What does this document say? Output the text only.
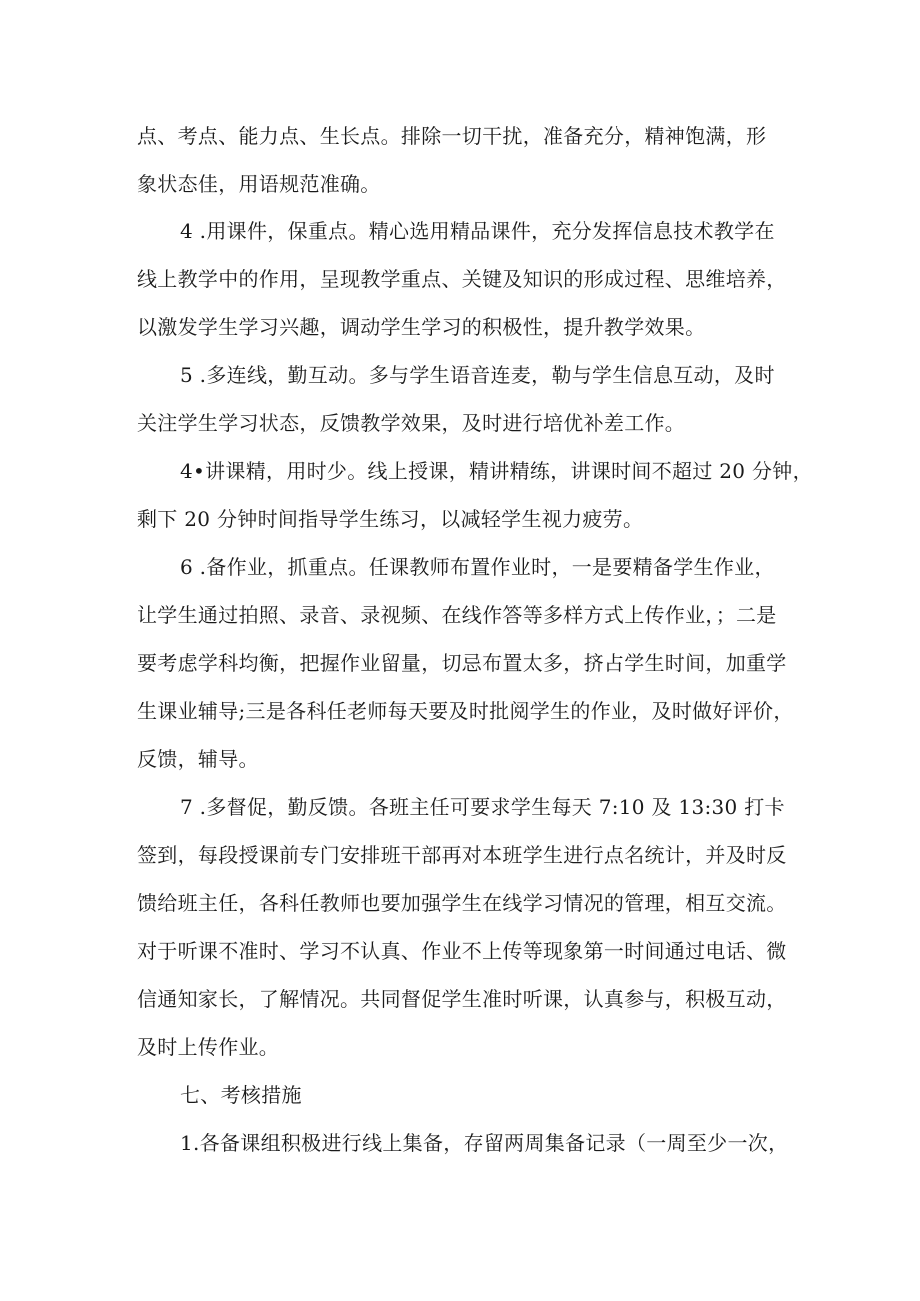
点、考点、能力点、生长点。排除一切干扰，准备充分，精神饱满，形
象状态佳，用语规范准确。
4 .用课件，保重点。精心选用精品课件，充分发挥信息技术教学在
线上教学中的作用，呈现教学重点、关键及知识的形成过程、思维培养，
以激发学生学习兴趣，调动学生学习的积极性，提升教学效果。
5 .多连线，勤互动。多与学生语音连麦，勒与学生信息互动，及时
关注学生学习状态，反馈教学效果，及时进行培优补差工作。
4•讲课精，用时少。线上授课，精讲精练，讲课时间不超过 20 分钟，
剩下 20 分钟时间指导学生练习，以减轻学生视力疲劳。
6 .备作业，抓重点。任课教师布置作业时，一是要精备学生作业，
让学生通过拍照、录音、录视频、在线作答等多样方式上传作业，；二是
要考虑学科均衡，把握作业留量，切忌布置太多，挤占学生时间，加重学
生课业辅导;三是各科任老师每天要及时批阅学生的作业，及时做好评价，
反馈，辅导。
7 .多督促，勤反馈。各班主任可要求学生每天 7:10 及 13:30 打卡
签到，每段授课前专门安排班干部再对本班学生进行点名统计，并及时反
馈给班主任，各科任教师也要加强学生在线学习情况的管理，相互交流。
对于听课不准时、学习不认真、作业不上传等现象第一时间通过电话、微
信通知家长，了解情况。共同督促学生准时听课，认真参与，积极互动，
及时上传作业。
七、考核措施
1.各备课组积极进行线上集备，存留两周集备记录（一周至少一次，
